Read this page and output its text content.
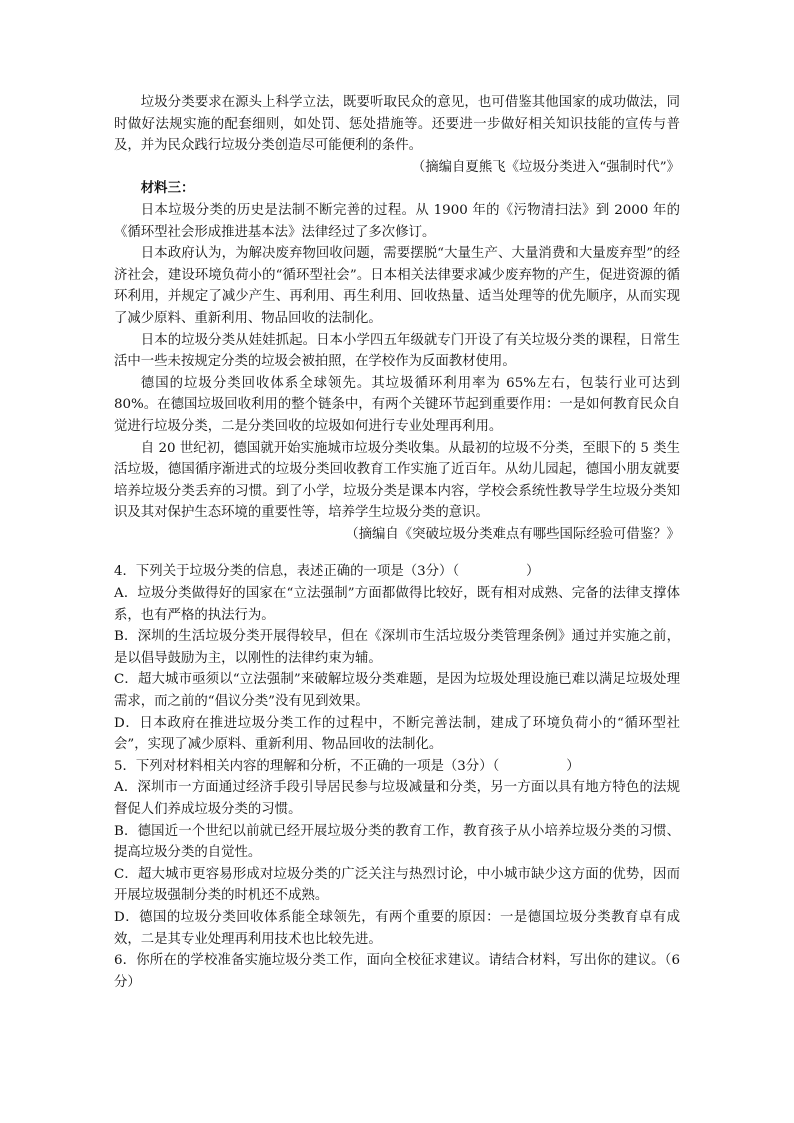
垃圾分类要求在源头上科学立法，既要听取民众的意见，也可借鉴其他国家的成功做法，同时做好法规实施的配套细则，如处罚、惩处措施等。还要进一步做好相关知识技能的宣传与普及，并为民众践行垃圾分类创造尽可能便利的条件。

（摘编自夏熊飞《垃圾分类进入“强制时代”》

材料三：

日本垃圾分类的历史是法制不断完善的过程。从 1900 年的《污物清扫法》到 2000 年的《循环型社会形成推进基本法》法律经过了多次修订。

日本政府认为，为解决废弃物回收问题，需要摆脱“大量生产、大量消费和大量废弃型”的经济社会，建设环境负荷小的“循环型社会”。日本相关法律要求减少废弃物的产生，促进资源的循环利用，并规定了减少产生、再利用、再生利用、回收热量、适当处理等的优先顺序，从而实现了减少原料、重新利用、物品回收的法制化。

日本的垃圾分类从娃娃抓起。日本小学四五年级就专门开设了有关垃圾分类的课程，日常生活中一些未按规定分类的垃圾会被拍照，在学校作为反面教材使用。

德国的垃圾分类回收体系全球领先。其垃圾循环利用率为 65%左右，包装行业可达到 80%。在德国垃圾回收利用的整个链条中，有两个关键环节起到重要作用：一是如何教育民众自觉进行垃圾分类，二是分类回收的垃圾如何进行专业处理再利用。

自 20 世纪初，德国就开始实施城市垃圾分类收集。从最初的垃圾不分类，至眼下的 5 类生活垃圾，德国循序渐进式的垃圾分类回收教育工作实施了近百年。从幼儿园起，德国小朋友就要培养垃圾分类丢弃的习惯。到了小学，垃圾分类是课本内容，学校会系统性教导学生垃圾分类知识及其对保护生态环境的重要性等，培养学生垃圾分类的意识。

（摘编自《突破垃圾分类难点有哪些国际经验可借鉴？》

4．下列关于垃圾分类的信息，表述正确的一项是（3分）（　　　　　）

A．垃圾分类做得好的国家在“立法强制”方面都做得比较好，既有相对成熟、完备的法律支撑体系，也有严格的执法行为。

B．深圳的生活垃圾分类开展得较早，但在《深圳市生活垃圾分类管理条例》通过并实施之前，是以倡导鼓励为主，以刚性的法律约束为辅。

C．超大城市亟须以“立法强制”来破解垃圾分类难题，是因为垃圾处理设施已难以满足垃圾处理需求，而之前的“倡议分类”没有见到效果。

D．日本政府在推进垃圾分类工作的过程中，不断完善法制，建成了环境负荷小的“循环型社会”，实现了减少原料、重新利用、物品回收的法制化。

5．下列对材料相关内容的理解和分析，不正确的一项是（3分）（　　　　　）

A．深圳市一方面通过经济手段引导居民参与垃圾减量和分类，另一方面以具有地方特色的法规督促人们养成垃圾分类的习惯。

B．德国近一个世纪以前就已经开展垃圾分类的教育工作，教育孩子从小培养垃圾分类的习惯、提高垃圾分类的自觉性。

C．超大城市更容易形成对垃圾分类的广泛关注与热烈讨论，中小城市缺少这方面的优势，因而开展垃圾强制分类的时机还不成熟。

D．德国的垃圾分类回收体系能全球领先，有两个重要的原因：一是德国垃圾分类教育卓有成效，二是其专业处理再利用技术也比较先进。

6．你所在的学校准备实施垃圾分类工作，面向全校征求建议。请结合材料，写出你的建议。（6分）
